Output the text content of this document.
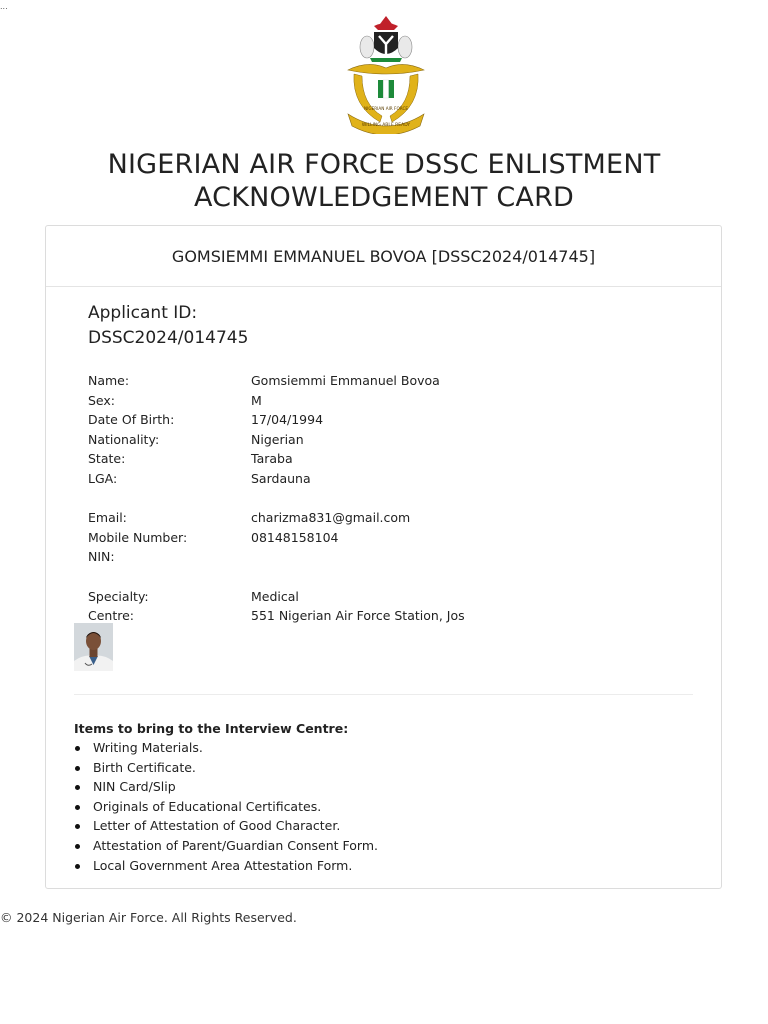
...
WILLING ABLE READY
NIGERIAN AIR FORCE
NIGERIAN AIR FORCE DSSC ENLISTMENT ACKNOWLEDGEMENT CARD
GOMSIEMMI EMMANUEL BOVOA [DSSC2024/014745]
Applicant ID:
DSSC2024/014745
Name:	Gomsiemmi Emmanuel Bovoa
Sex:	M
Date Of Birth:	17/04/1994
Nationality:	Nigerian
State:	Taraba
LGA:	Sardauna
Email:	charizma831@gmail.com
Mobile Number:	08148158104
NIN:
Specialty:	Medical
Centre:	551 Nigerian Air Force Station, Jos
Items to bring to the Interview Centre:
Writing Materials.
Birth Certificate.
NIN Card/Slip
Originals of Educational Certificates.
Letter of Attestation of Good Character.
Attestation of Parent/Guardian Consent Form.
Local Government Area Attestation Form.
© 2024 Nigerian Air Force. All Rights Reserved.
